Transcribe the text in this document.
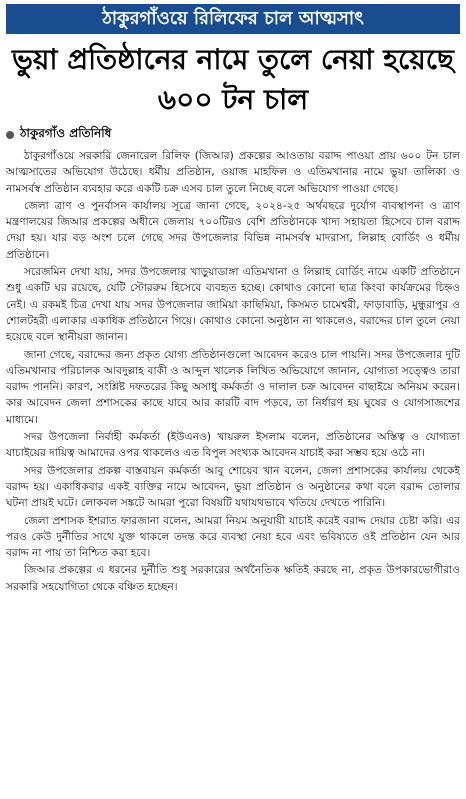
ঠাকুরগাঁওয়ে রিলিফের চাল আত্মসাৎ
ভুয়া প্রতিষ্ঠানের নামে তুলে নেয়া হয়েছে ৬০০ টন চাল
ঠাকুরগাঁও প্রতিনিধি

ঠাকুরগাঁওয়ে সরকারি জেনারেল রিলিফ (জিআর) প্রকল্পের আওতায় বরাদ্দ পাওয়া প্রায় ৬০০ টন চাল আত্মসাতের অভিযোগ উঠেছে। ধর্মীয় প্রতিষ্ঠান, ওয়াজ মাহফিল ও এতিমখানার নামে ভুয়া তালিকা ও নামসর্বস্ব প্রতিষ্ঠান ব্যবহার করে একটি চক্র এসব চাল তুলে নিচ্ছে বলে অভিযোগ পাওয়া গেছে।

জেলা ত্রাণ ও পুনর্বাসন কার্যালয় সূত্রে জানা গেছে, ২০২৪-২৫ অর্থবছরে দুর্যোগ ব্যবস্থাপনা ও ত্রাণ মন্ত্রণালয়ের জিআর প্রকল্পের অধীনে জেলায় ৭০০টিরও বেশি প্রতিষ্ঠানকে খাদ্য সহায়তা হিসেবে চাল বরাদ্দ দেয়া হয়। যার বড় অংশ চলে গেছে সদর উপজেলার বিভিন্ন নামসর্বস্ব মাদরাসা, লিল্লাহ বোর্ডিং ও ধর্মীয় প্রতিষ্ঠানে।

সরেজমিন দেখা যায়, সদর উপজেলার খাড়ুয়াডাঙ্গা এতিমখানা ও লিল্লাহ বোর্ডিং নামে একটি প্রতিষ্ঠানে শুধু একটি ঘর রয়েছে, যেটি স্টোররুম হিসেবে ব্যবহৃত হচ্ছে। কোথাও কোনো ছাত্র কিংবা কার্যক্রমের চিহ্নও নেই। এ রকমই চিত্র দেখা যায় সদর উপজেলার জামিয়া কাছিমিয়া, কিসমত চামেশ্বরী, ফাড়াবাড়ি, মুন্ধুরাপুর ও শোলটহরী এলাকার একাধিক প্রতিষ্ঠানে গিয়ে। কোথাও কোনো অনুষ্ঠান না থাকলেও, বরাদ্দের চাল তুলে নেয়া হয়েছে বলে স্থানীয়রা জানান।

জানা গেছে, বরাদ্দের জন্য প্রকৃত যোগ্য প্রতিষ্ঠানগুলো আবেদন করেও চাল পায়নি। সদর উপজেলার দুটি এতিমখানার পরিচালক আবদুল্লাহ বাকী ও আব্দুল খালেক লিখিত অভিযোগে জানান, যোগ্যতা সত্ত্বেও তারা বরাদ্দ পাননি। কারণ, সংশ্লিষ্ট দফতরের কিছু অসাধু কর্মকর্তা ও দালাল চক্র আবেদন বাছাইয়ে অনিয়ম করেন। কার আবেদন জেলা প্রশাসকের কাছে যাবে আর কারটি বাদ পড়বে, তা নির্ধারণ হয় ঘুষের ও যোগসাজশের মাধ্যমে।

সদর উপজেলা নির্বাহী কর্মকর্তা (ইউএনও) খায়রুল ইসলাম বলেন, প্রতিষ্ঠানের অস্তিত্ব ও যোগ্যতা যাচাইয়ের দায়িত্ব আমাদের ওপর থাকলেও এত বিপুল সংখ্যক আবেদন যাচাই করা সম্ভব হয়ে ওঠে না।

সদর উপজেলার প্রকল্প বাস্তবায়ন কর্মকর্তা আবু শোয়েব খান বলেন, জেলা প্রশাসকের কার্যালয় থেকেই বরাদ্দ হয়। একাধিকবার একই ব্যক্তির নামে আবেদন, ভুয়া প্রতিষ্ঠান ও অনুষ্ঠানের কথা বলে বরাদ্দ তোলার ঘটনা প্রায়ই ঘটে। লোকবল সঙ্কটে আমরা পুরো বিষয়টি যথাযথভাবে খতিয়ে দেখতে পারিনি।

জেলা প্রশাসক ইশরাত ফারজানা বলেন, আমরা নিয়ম অনুযায়ী যাচাই করেই বরাদ্দ দেয়ার চেষ্টা করি। এর পরও কেউ দুর্নীতির সাথে যুক্ত থাকলে তদন্ত করে ব্যবস্থা নেয়া হবে এবং ভবিষ্যতে ওই প্রতিষ্ঠান যেন আর বরাদ্দ না পায় তা নিশ্চিত করা হবে।

জিআর প্রকল্পের এ ধরনের দুর্নীতি শুধু সরকারের অর্থনৈতিক ক্ষতিই করছে না, প্রকৃত উপকারভোগীরাও সরকারি সহযোগিতা থেকে বঞ্চিত হচ্ছেন।
